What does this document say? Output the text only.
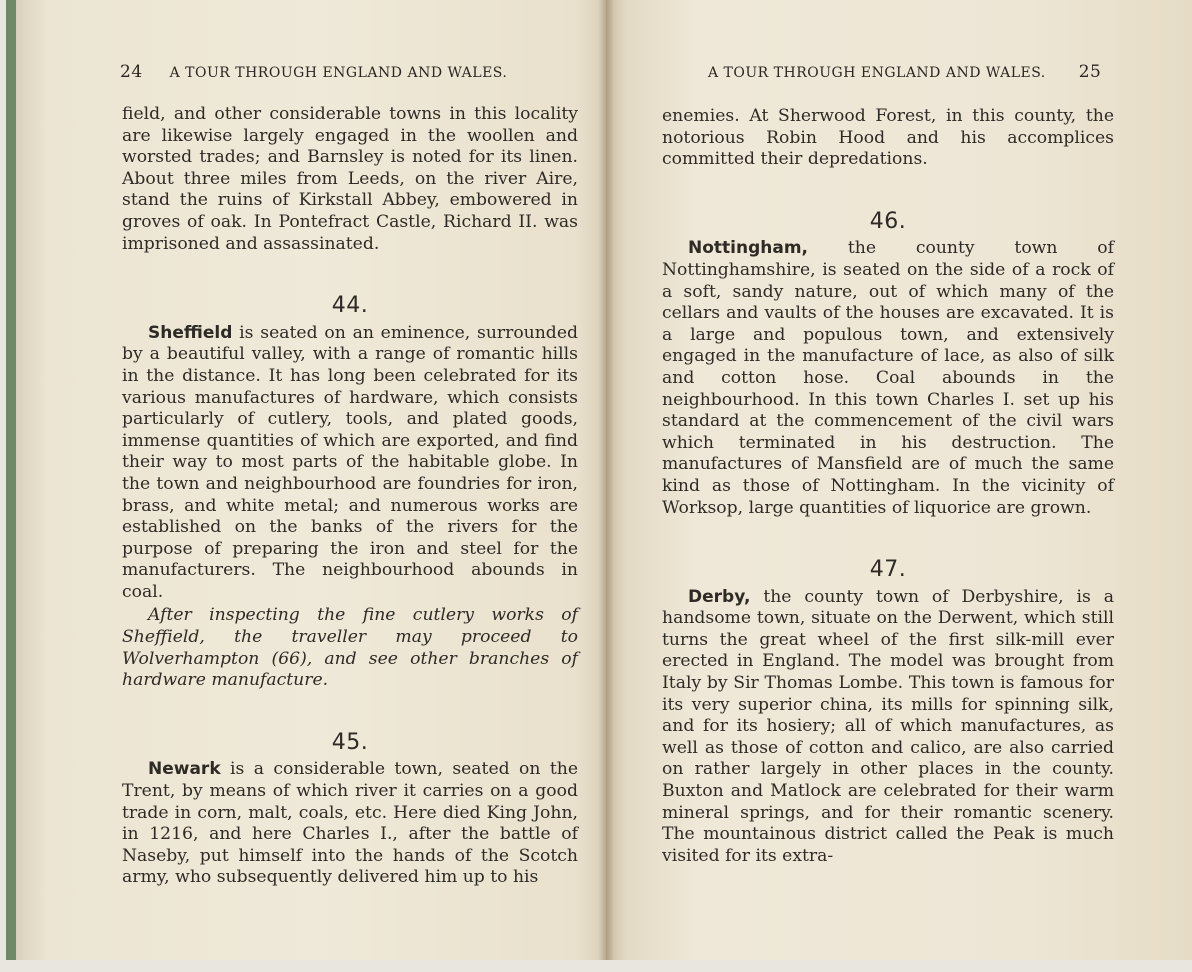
24 A TOUR THROUGH ENGLAND AND WALES.

field, and other considerable towns in this locality are likewise largely engaged in the woollen and worsted trades; and Barnsley is noted for its linen. About three miles from Leeds, on the river Aire, stand the ruins of Kirkstall Abbey, embowered in groves of oak. In Pontefract Castle, Richard II. was imprisoned and assassinated.

44.

Sheffield is seated on an eminence, surrounded by a beautiful valley, with a range of romantic hills in the distance. It has long been celebrated for its various manufactures of hardware, which consists particularly of cutlery, tools, and plated goods, immense quantities of which are exported, and find their way to most parts of the habitable globe. In the town and neighbourhood are foundries for iron, brass, and white metal; and numerous works are established on the banks of the rivers for the purpose of preparing the iron and steel for the manufacturers. The neighbourhood abounds in coal.

After inspecting the fine cutlery works of Sheffield, the traveller may proceed to Wolverhampton (66), and see other branches of hardware manufacture.

45.

Newark is a considerable town, seated on the Trent, by means of which river it carries on a good trade in corn, malt, coals, etc. Here died King John, in 1216, and here Charles I., after the battle of Naseby, put himself into the hands of the Scotch army, who subsequently delivered him up to his

A TOUR THROUGH ENGLAND AND WALES. 25

enemies. At Sherwood Forest, in this county, the notorious Robin Hood and his accomplices committed their depredations.

46.

Nottingham, the county town of Nottinghamshire, is seated on the side of a rock of a soft, sandy nature, out of which many of the cellars and vaults of the houses are excavated. It is a large and populous town, and extensively engaged in the manufacture of lace, as also of silk and cotton hose. Coal abounds in the neighbourhood. In this town Charles I. set up his standard at the commencement of the civil wars which terminated in his destruction. The manufactures of Mansfield are of much the same kind as those of Nottingham. In the vicinity of Worksop, large quantities of liquorice are grown.

47.

Derby, the county town of Derbyshire, is a handsome town, situate on the Derwent, which still turns the great wheel of the first silk-mill ever erected in England. The model was brought from Italy by Sir Thomas Lombe. This town is famous for its very superior china, its mills for spinning silk, and for its hosiery; all of which manufactures, as well as those of cotton and calico, are also carried on rather largely in other places in the county. Buxton and Matlock are celebrated for their warm mineral springs, and for their romantic scenery. The mountainous district called the Peak is much visited for its extra-
